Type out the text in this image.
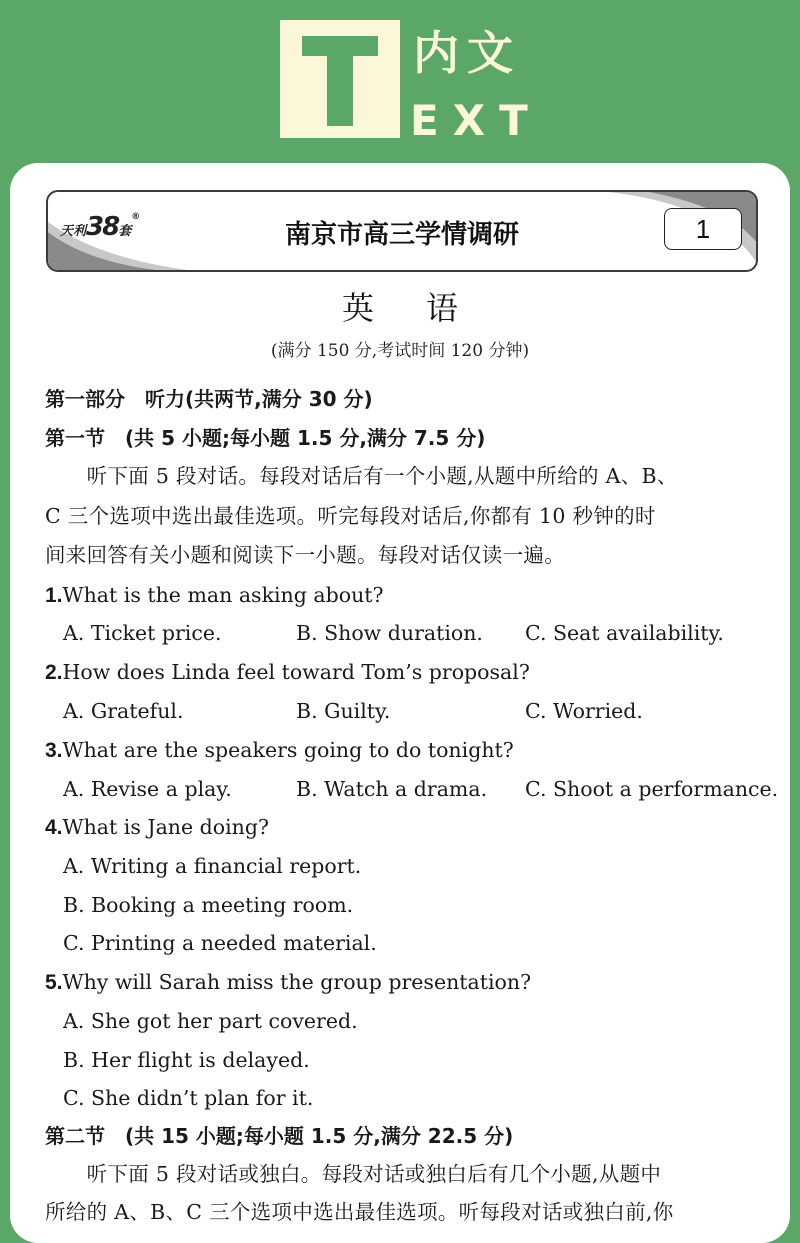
内文
EXT
天利38套®
南京市高三学情调研	1
英语
(满分 150 分,考试时间 120 分钟)
第一部分　听力(共两节,满分 30 分)
第一节　(共 5 小题;每小题 1.5 分,满分 7.5 分)
　　听下面 5 段对话。每段对话后有一个小题,从题中所给的 A、B、
C 三个选项中选出最佳选项。听完每段对话后,你都有 10 秒钟的时
间来回答有关小题和阅读下一小题。每段对话仅读一遍。
1.What is the man asking about?
A. Ticket price.	B. Show duration. C. Seat availability.
2.How does Linda feel toward Tom’s proposal?
A. Grateful.	B. Guilty.	C. Worried.
3.What are the speakers going to do tonight?
A. Revise a play.	B. Watch a drama. C. Shoot a performance.
4.What is Jane doing?
A. Writing a financial report.
B. Booking a meeting room.
C. Printing a needed material.
5.Why will Sarah miss the group presentation?
A. She got her part covered.
B. Her flight is delayed.
C. She didn’t plan for it.
第二节　(共 15 小题;每小题 1.5 分,满分 22.5 分)
　　听下面 5 段对话或独白。每段对话或独白后有几个小题,从题中
所给的 A、B、C 三个选项中选出最佳选项。听每段对话或独白前,你
